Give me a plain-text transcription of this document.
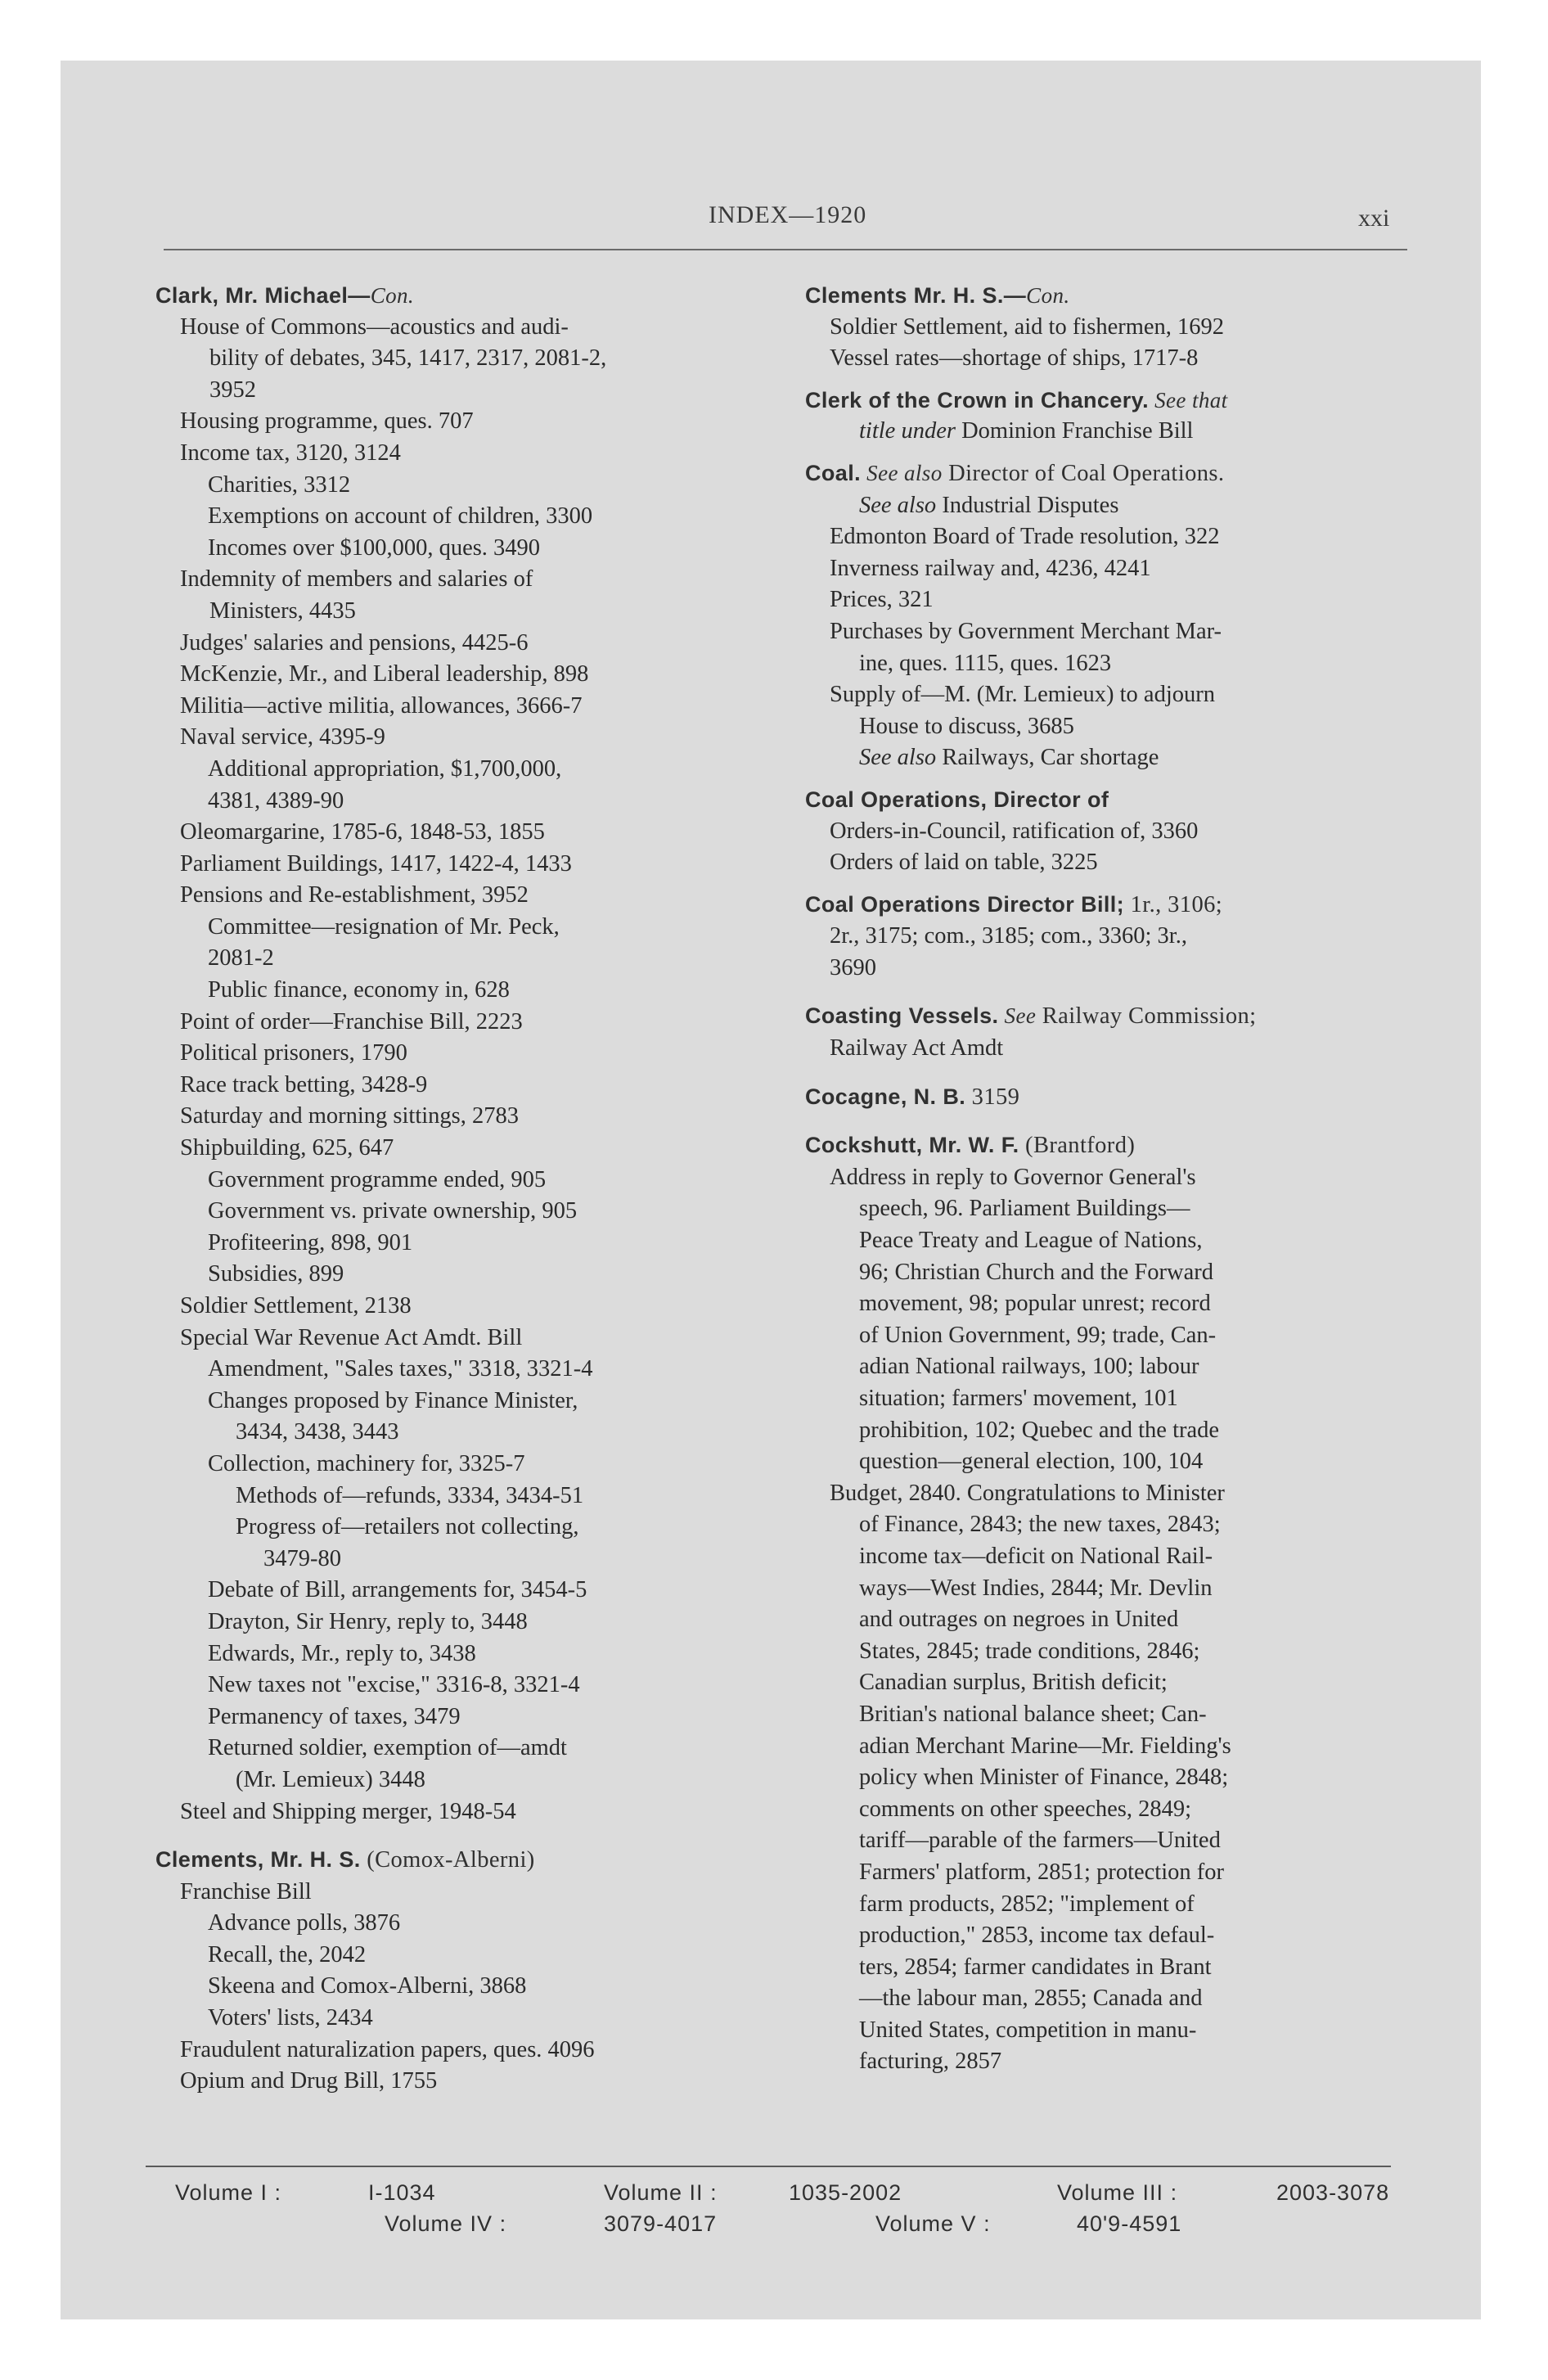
INDEX—1920	xxi
Clark, Mr. Michael—Con.
House of Commons—acoustics and audi-
bility of debates, 345, 1417, 2317, 2081-2,
3952
Housing programme, ques. 707
Income tax, 3120, 3124
Charities, 3312
Exemptions on account of children, 3300
Incomes over $100,000, ques. 3490
Indemnity of members and salaries of
Ministers, 4435
Judges' salaries and pensions, 4425-6
McKenzie, Mr., and Liberal leadership, 898
Militia—active militia, allowances, 3666-7
Naval service, 4395-9
Additional appropriation, $1,700,000,
4381, 4389-90
Oleomargarine, 1785-6, 1848-53, 1855
Parliament Buildings, 1417, 1422-4, 1433
Pensions and Re-establishment, 3952
Committee—resignation of Mr. Peck,
2081-2
Public finance, economy in, 628
Point of order—Franchise Bill, 2223
Political prisoners, 1790
Race track betting, 3428-9
Saturday and morning sittings, 2783
Shipbuilding, 625, 647
Government programme ended, 905
Government vs. private ownership, 905
Profiteering, 898, 901
Subsidies, 899
Soldier Settlement, 2138
Special War Revenue Act Amdt. Bill
Amendment, "Sales taxes," 3318, 3321-4
Changes proposed by Finance Minister,
3434, 3438, 3443
Collection, machinery for, 3325-7
Methods of—refunds, 3334, 3434-51
Progress of—retailers not collecting,
3479-80
Debate of Bill, arrangements for, 3454-5
Drayton, Sir Henry, reply to, 3448
Edwards, Mr., reply to, 3438
New taxes not "excise," 3316-8, 3321-4
Permanency of taxes, 3479
Returned soldier, exemption of—amdt
(Mr. Lemieux) 3448
Steel and Shipping merger, 1948-54
Clements, Mr. H. S. (Comox-Alberni)
Franchise Bill
Advance polls, 3876
Recall, the, 2042
Skeena and Comox-Alberni, 3868
Voters' lists, 2434
Fraudulent naturalization papers, ques. 4096
Opium and Drug Bill, 1755
Clements Mr. H. S.—Con.
Soldier Settlement, aid to fishermen, 1692
Vessel rates—shortage of ships, 1717-8
Clerk of the Crown in Chancery. See that
title under Dominion Franchise Bill
Coal. See also Director of Coal Operations.
See also Industrial Disputes
Edmonton Board of Trade resolution, 322
Inverness railway and, 4236, 4241
Prices, 321
Purchases by Government Merchant Mar-
ine, ques. 1115, ques. 1623
Supply of—M. (Mr. Lemieux) to adjourn
House to discuss, 3685
See also Railways, Car shortage
Coal Operations, Director of
Orders-in-Council, ratification of, 3360
Orders of laid on table, 3225
Coal Operations Director Bill; 1r., 3106;
2r., 3175; com., 3185; com., 3360; 3r.,
3690
Coasting Vessels. See Railway Commission;
Railway Act Amdt
Cocagne, N. B. 3159
Cockshutt, Mr. W. F. (Brantford)
Address in reply to Governor General's
speech, 96. Parliament Buildings—
Peace Treaty and League of Nations,
96; Christian Church and the Forward
movement, 98; popular unrest; record
of Union Government, 99; trade, Can-
adian National railways, 100; labour
situation; farmers' movement, 101
prohibition, 102; Quebec and the trade
question—general election, 100, 104
Budget, 2840. Congratulations to Minister
of Finance, 2843; the new taxes, 2843;
income tax—deficit on National Rail-
ways—West Indies, 2844; Mr. Devlin
and outrages on negroes in United
States, 2845; trade conditions, 2846;
Canadian surplus, British deficit;
Britian's national balance sheet; Can-
adian Merchant Marine—Mr. Fielding's
policy when Minister of Finance, 2848;
comments on other speeches, 2849;
tariff—parable of the farmers—United
Farmers' platform, 2851; protection for
farm products, 2852; "implement of
production," 2853, income tax defaul-
ters, 2854; farmer candidates in Brant
—the labour man, 2855; Canada and
United States, competition in manu-
facturing, 2857
Volume I :	I-1034	Volume II :	1035-2002	Volume III :	2003-3078
Volume IV :	3079-4017	Volume V :	40'9-4591
